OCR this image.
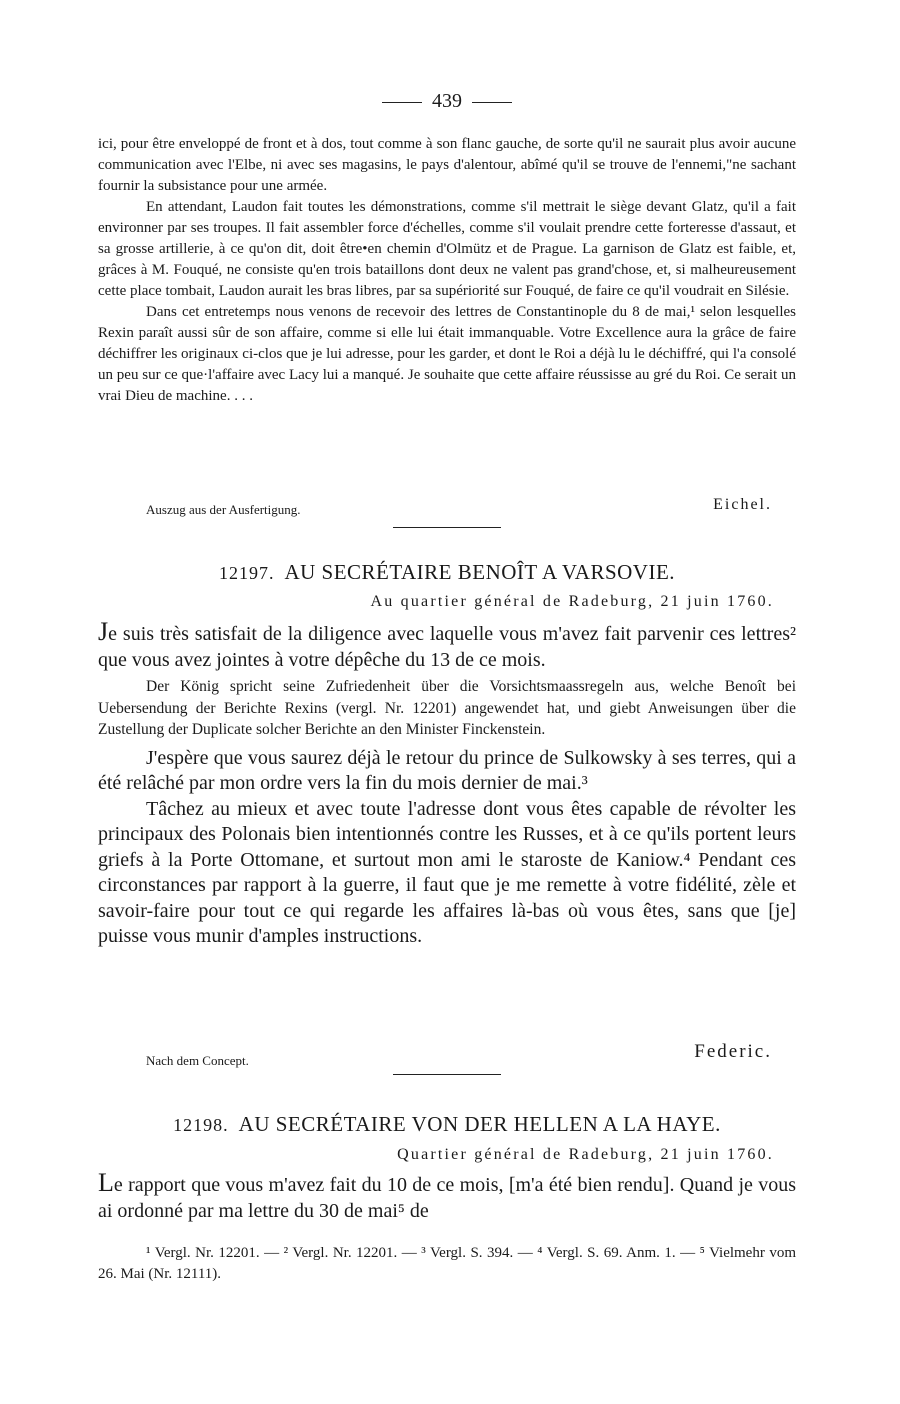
439

ici, pour être enveloppé de front et à dos, tout comme à son flanc gauche, de sorte qu'il ne saurait plus avoir aucune communication avec l'Elbe, ni avec ses magasins, le pays d'alentour, abîmé qu'il se trouve de l'ennemi,"ne sachant fournir la subsistance pour une armée.

En attendant, Laudon fait toutes les démonstrations, comme s'il mettrait le siège devant Glatz, qu'il a fait environner par ses troupes. Il fait assembler force d'échelles, comme s'il voulait prendre cette forteresse d'assaut, et sa grosse artillerie, à ce qu'on dit, doit être•en chemin d'Olmütz et de Prague. La garnison de Glatz est faible, et, grâces à M. Fouqué, ne consiste qu'en trois bataillons dont deux ne valent pas grand'chose, et, si malheureusement cette place tombait, Laudon aurait les bras libres, par sa supériorité sur Fouqué, de faire ce qu'il voudrait en Silésie.

Dans cet entretemps nous venons de recevoir des lettres de Constantinople du 8 de mai,¹ selon lesquelles Rexin paraît aussi sûr de son affaire, comme si elle lui était immanquable. Votre Excellence aura la grâce de faire déchiffrer les originaux ci-clos que je lui adresse, pour les garder, et dont le Roi a déjà lu le déchiffré, qui l'a consolé un peu sur ce que·l'affaire avec Lacy lui a manqué. Je souhaite que cette affaire réussisse au gré du Roi. Ce serait un vrai Dieu de machine. . . .

Auszug aus der Ausfertigung.	Eichel.
12197. AU SECRÉTAIRE BENOÎT A VARSOVIE.
Au quartier général de Radeburg, 21 juin 1760.

Je suis très satisfait de la diligence avec laquelle vous m'avez fait parvenir ces lettres² que vous avez jointes à votre dépêche du 13 de ce mois.

Der König spricht seine Zufriedenheit über die Vorsichtsmaassregeln aus, welche Benoît bei Uebersendung der Berichte Rexins (vergl. Nr. 12201) angewendet hat, und giebt Anweisungen über die Zustellung der Duplicate solcher Berichte an den Minister Finckenstein.

J'espère que vous saurez déjà le retour du prince de Sulkowsky à ses terres, qui a été relâché par mon ordre vers la fin du mois dernier de mai.³

Tâchez au mieux et avec toute l'adresse dont vous êtes capable de révolter les principaux des Polonais bien intentionnés contre les Russes, et à ce qu'ils portent leurs griefs à la Porte Ottomane, et surtout mon ami le staroste de Kaniow.⁴ Pendant ces circonstances par rapport à la guerre, il faut que je me remette à votre fidélité, zèle et savoir-faire pour tout ce qui regarde les affaires là-bas où vous êtes, sans que [je] puisse vous munir d'amples instructions.

Nach dem Concept.	Federic.
12198. AU SECRÉTAIRE VON DER HELLEN A LA HAYE.
Quartier général de Radeburg, 21 juin 1760.

Le rapport que vous m'avez fait du 10 de ce mois, [m'a été bien rendu]. Quand je vous ai ordonné par ma lettre du 30 de mai⁵ de

¹ Vergl. Nr. 12201. — ² Vergl. Nr. 12201. — ³ Vergl. S. 394. — ⁴ Vergl. S. 69. Anm. 1. — ⁵ Vielmehr vom 26. Mai (Nr. 12111).
